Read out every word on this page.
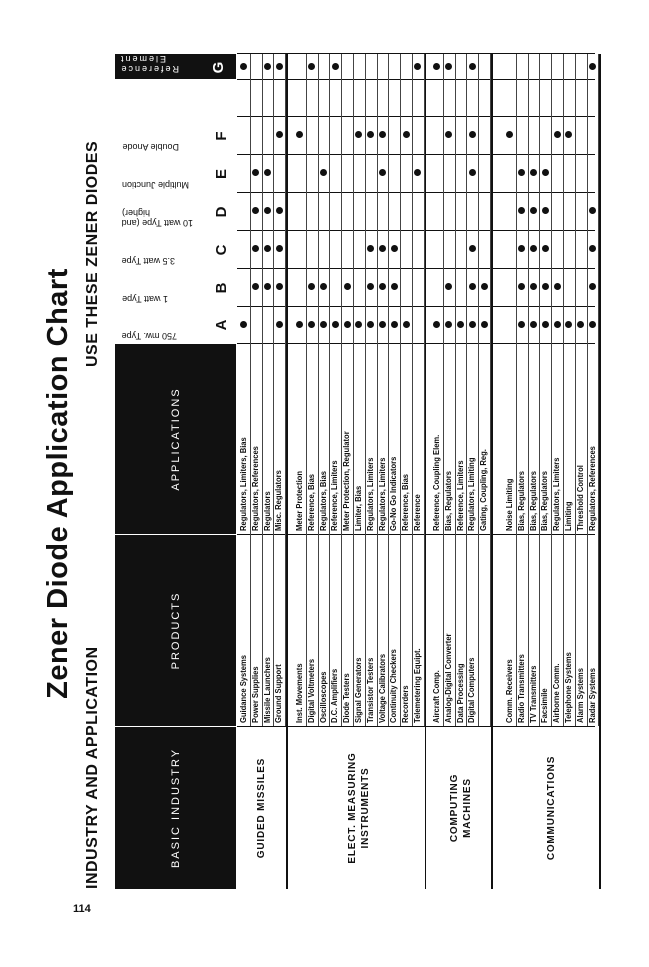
114
Zener Diode Application Chart
INDUSTRY AND APPLICATION
USE THESE ZENER DIODES
BASIC INDUSTRY
PRODUCTS
APPLICATIONS
750 mw. Type
A
1 watt Type
B
3.5 watt Type
C
10 watt Type (and higher)	D
Multiple Junction
E
Double Anode
F
Reference Element
G
GUIDED MISSILES
Guidance Systems
Regulators, Limiters, Bias
Power Supplies
Regulators, References
Missile Launchers
Regulators
Ground Support
Misc. Regulators
ELECT. MEASURING INSTRUMENTS
Inst. Movements
Meter Protection
Digital Voltmeters
Reference, Bias
Oscilloscopes
Regulators, Bias
D.C. Amplifiers
Reference, Limiters
Diode Testers
Meter Protection, Regulator
Signal Generators
Limiter, Bias
Transistor Testers
Regulators, Limiters
Voltage Calibrators
Regulators, Limiters
Continuity Checkers
Go-No Go Indicators
Recorders
Reference, Bias
Telemetering Equipt.
Reference
COMPUTING MACHINES
Aircraft Comp.
Reference, Coupling Elem.
Analog-Digital Converter
Bias, Regulators
Data Processing
Reference, Limiters
Digital Computers
Regulators, Limiting Gating, Coupling, Reg.
COMMUNICATIONS
Comm. Receivers
Noise Limiting
Radio Transmitters
Bias, Regulators
TV Transmitters
Bias, Regulators
Facsimile
Bias, Regulators
Airborne Comm.
Regulators, Limiters
Telephone Systems
Limiting
Alarm Systems
Threshold Control
Radar Systems
Regulators, References
